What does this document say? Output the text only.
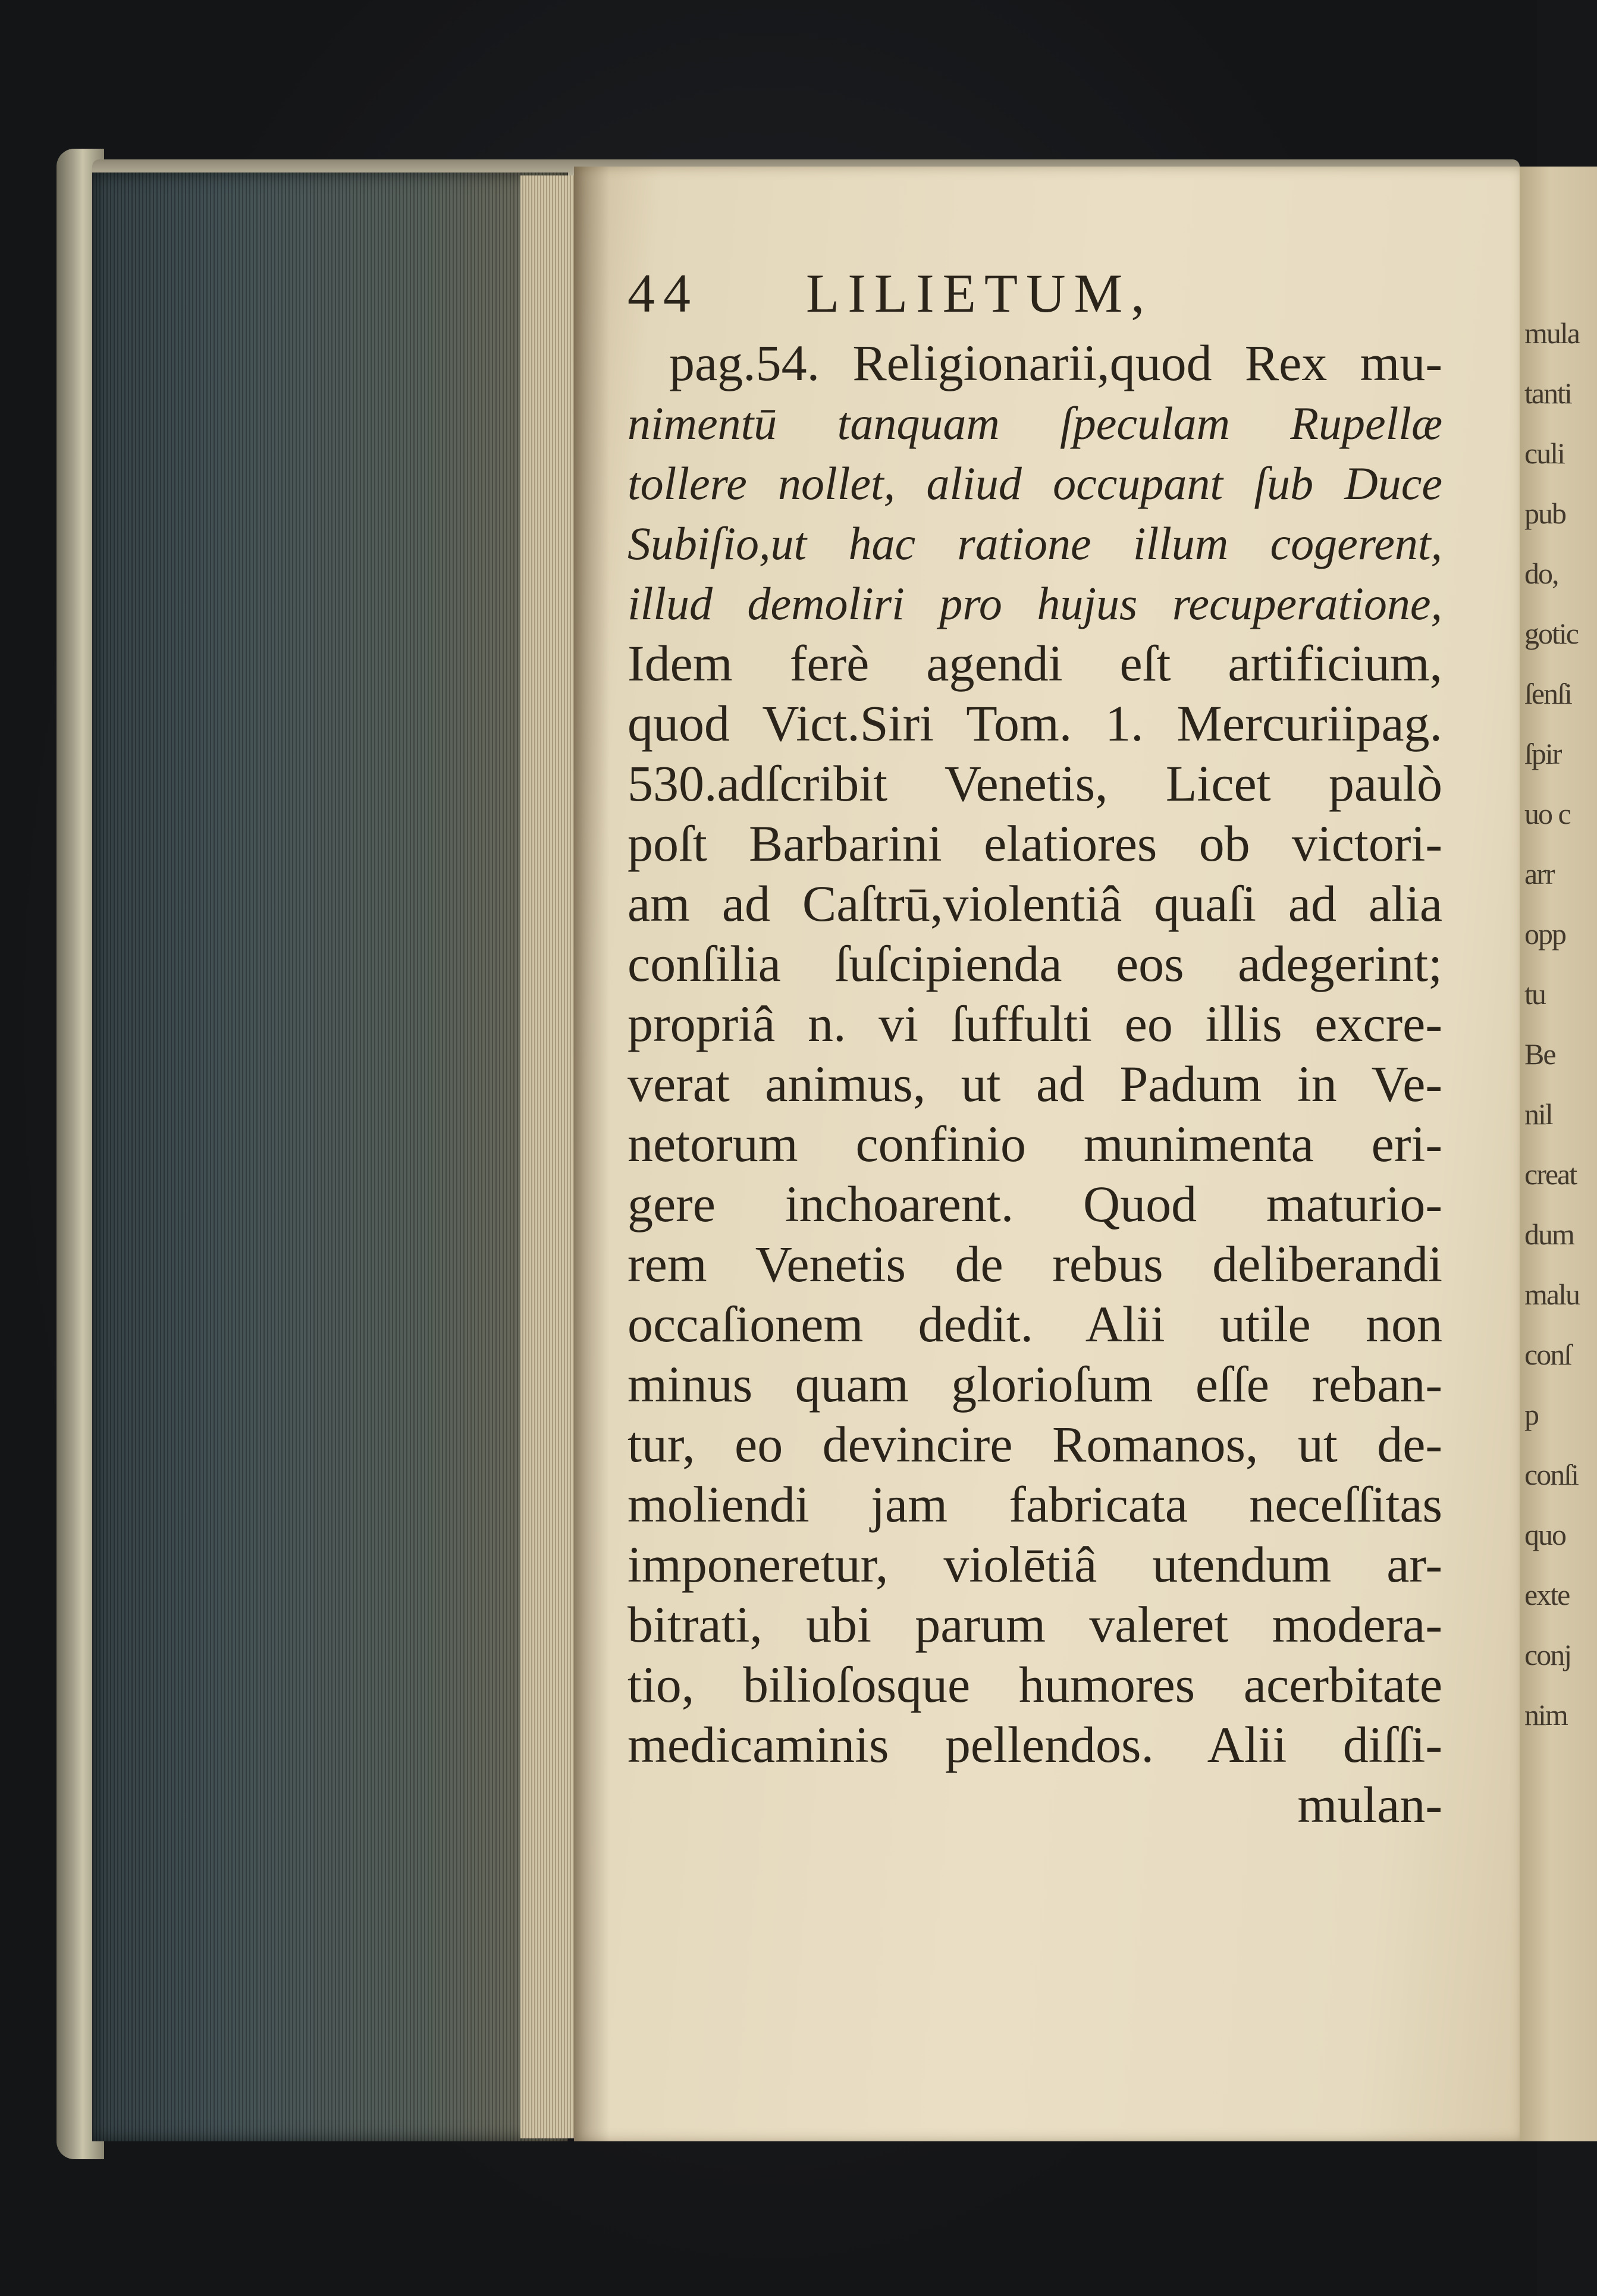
mula
tanti
culi
pub
do,
gotic
ſenſi
ſpir
uo c
arr
opp
tu
Be
nil
creat
dum
malu
conſ
p
conſi
quo
exte
conj
nim
44	LILIETUM,
pag.54. Religionarii,quod Rex mu-
nimentū tanquam ſpeculam Rupellæ
tollere nollet, aliud occupant ſub Duce
Subiſio,ut hac ratione illum cogerent,
illud demoliri pro hujus recuperatione,
Idem ferè agendi eſt artificium,
quod Vict.Siri Tom. 1. Mercuriipag.
530.adſcribit Venetis, Licet paulò
poſt Barbarini elatiores ob victori-
am ad Caſtrū,violentiâ quaſi ad alia
conſilia ſuſcipienda eos adegerint;
propriâ n. vi ſuffulti eo illis excre-
verat animus, ut ad Padum in Ve-
netorum confinio munimenta eri-
gere inchoarent. Quod maturio-
rem Venetis de rebus deliberandi
occaſionem dedit. Alii utile non
minus quam glorioſum eſſe reban-
tur, eo devincire Romanos, ut de-
moliendi jam fabricata neceſſitas
imponeretur, violētiâ utendum ar-
bitrati, ubi parum valeret modera-
tio, bilioſosque humores acerbitate
medicaminis pellendos. Alii diſſi-
mulan-
